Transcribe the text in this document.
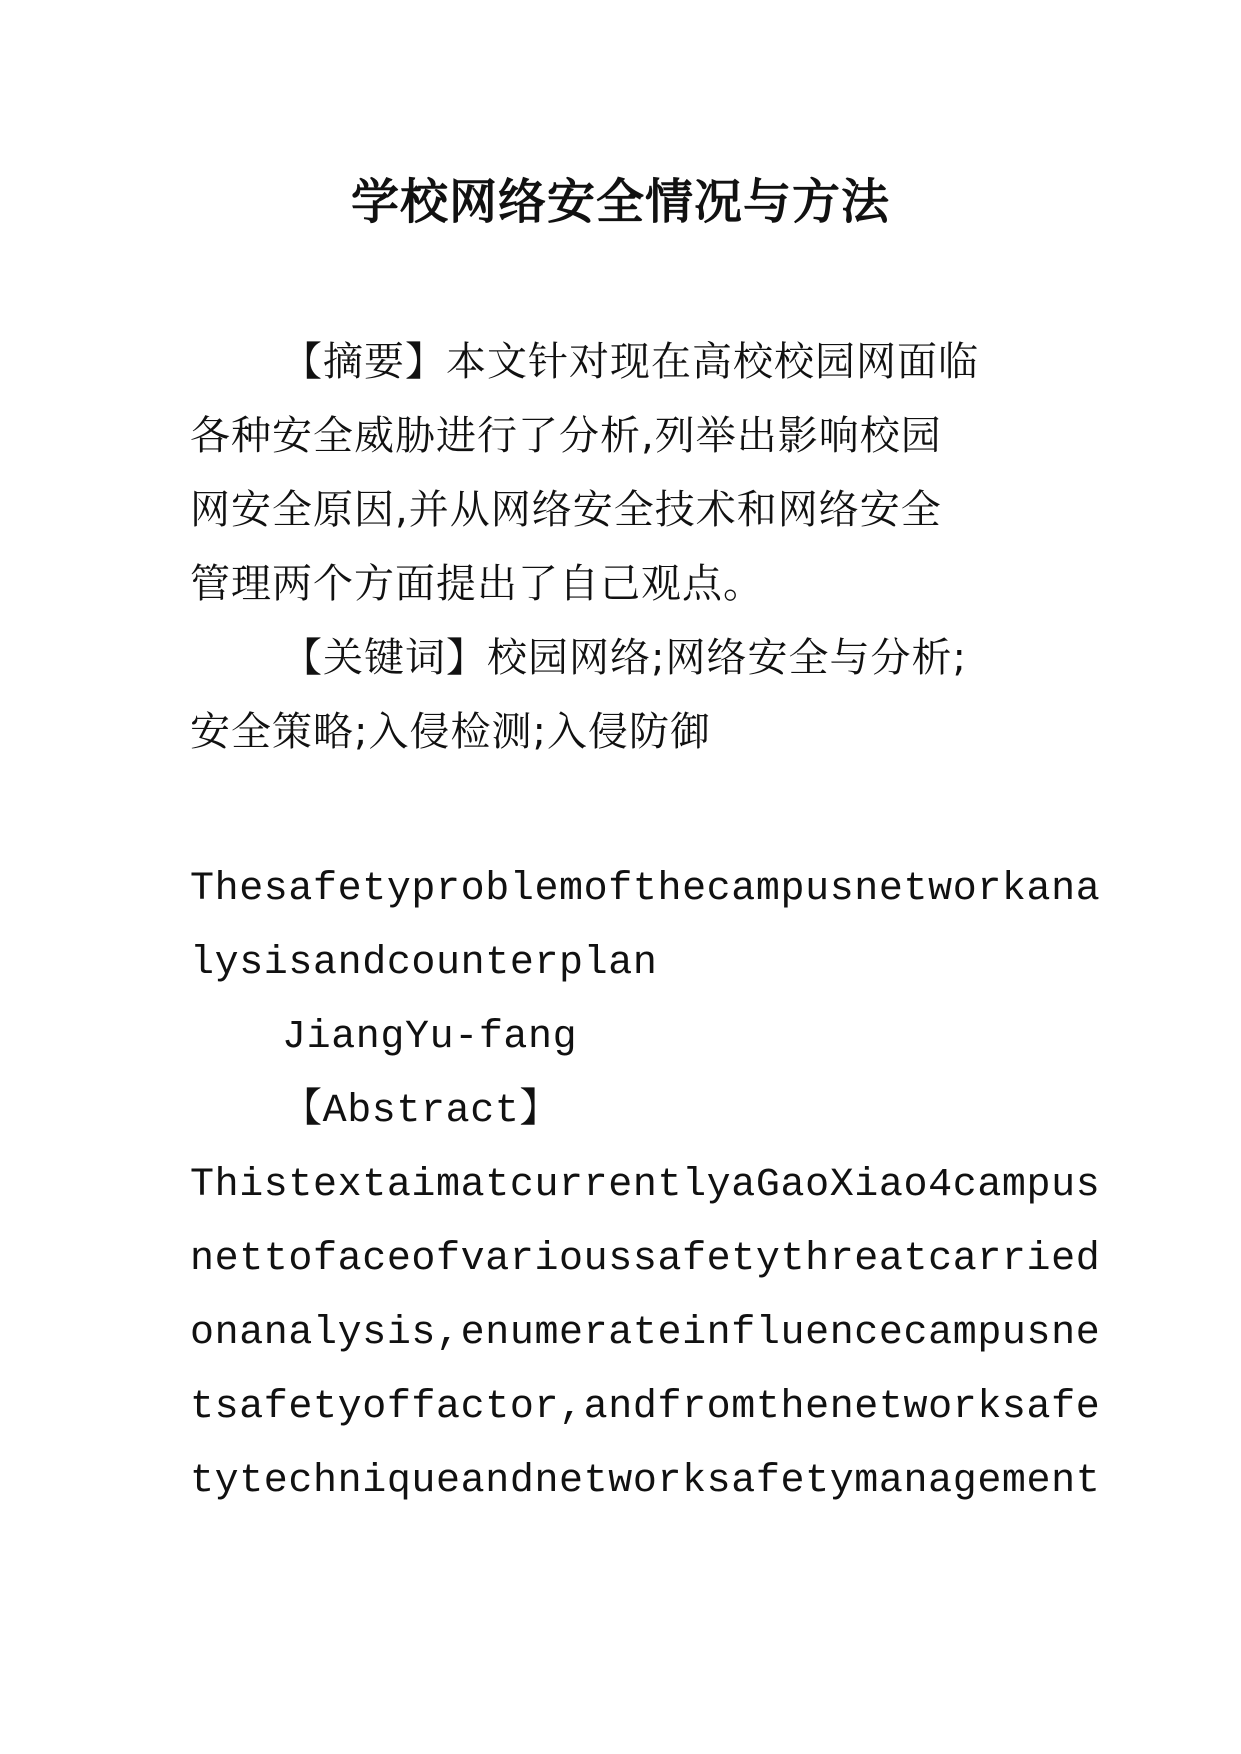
学校网络安全情况与方法

【摘要】本文针对现在高校校园网面临

各种安全威胁进行了分析,列举出影响校园

网安全原因,并从网络安全技术和网络安全

管理两个方面提出了自己观点。

【关键词】校园网络;网络安全与分析;

安全策略;入侵检测;入侵防御

Thesafetyproblemofthecampusnetworkana

lysisandcounterplan

JiangYu-fang

【Abstract】

ThistextaimatcurrentlyaGaoXiao4campus

nettofaceofvarioussafetythreatcarried

onanalysis,enumerateinfluencecampusne

tsafetyoffactor,andfromthenetworksafe

tytechniqueandnetworksafetymanagement
